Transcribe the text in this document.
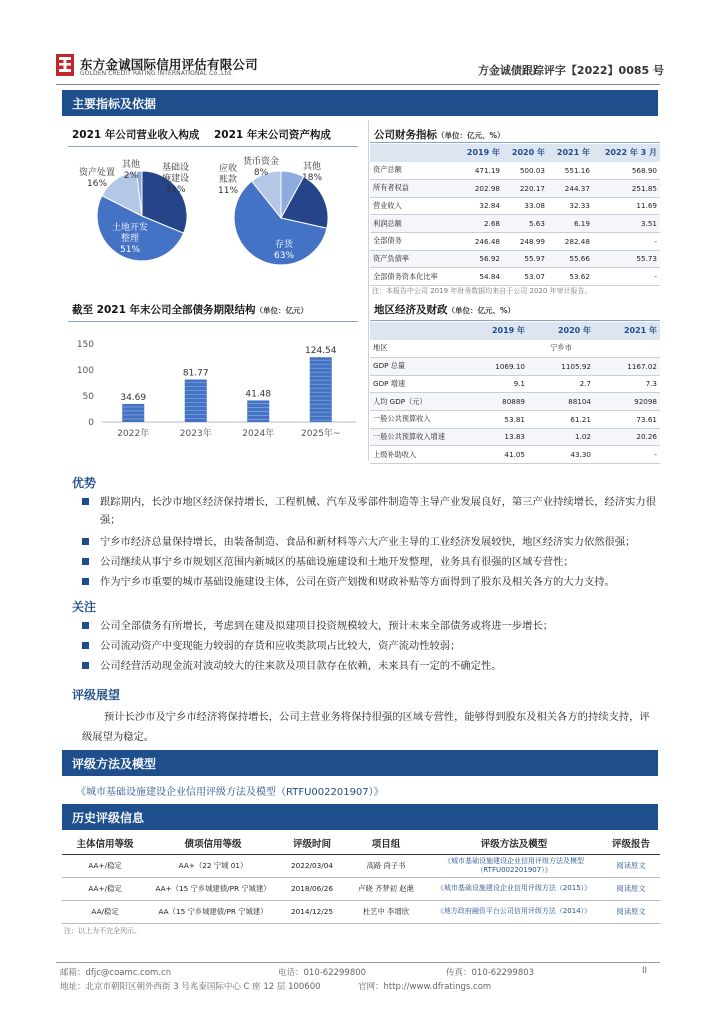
东方金诚国际信用评估有限公司
GOLDEN CREDIT RATING INTERNATIONAL Co.,Ltd.	方金诚债跟踪评字【2022】0085 号
主要指标及依据
2021 年公司营业收入构成 2021 年末公司资产构成
基础设
施建设
31%
其他
2%
资产处置
16%
土地开发
整理
51%
货币资金
8%
其他
18%
应收
账款
11%
存货
63%
公司财务指标（单位：亿元、%）
	2019 年	2020 年	2021 年	2022 年 3 月
资产总额	471.19	500.03	551.16	568.90
所有者权益	202.98	220.17	244.37	251.85
营业收入	32.84	33.08	32.33	11.69
利润总额	2.68	5.63	6.19	3.51
全部债务	246.48	248.99	282.48	-
资产负债率	56.92	55.97	55.66	55.73
全部债务资本化比率	54.84	53.07	53.62	-
注：本报告中公司 2019 年财务数据均来自于公司 2020 年审计报告。
截至 2021 年末公司全部债务期限结构（单位：亿元）
0
50
100
150
34.69
2022年
81.77
2023年
41.48
2024年
124.54
2025年~
地区经济及财政（单位：亿元、%）
	2019 年	2020 年	2021 年
地区	宁乡市		
GDP 总量	1069.10	1105.92	1167.02
GDP 增速	9.1	2.7	7.3
人均 GDP（元）	80889	88104	92098
一般公共预算收入	53.81	61.21	73.61
一般公共预算收入增速	13.83	1.02	20.26
上级补助收入	41.05	43.30	-
优势
跟踪期内，长沙市地区经济保持增长，工程机械、汽车及零部件制造等主导产业发展良好，第三产业持续增长，经济实力很强；
宁乡市经济总量保持增长，由装备制造、食品和新材料等六大产业主导的工业经济发展较快，地区经济实力依然很强；
公司继续从事宁乡市规划区范围内新城区的基础设施建设和土地开发整理，业务具有很强的区域专营性；
作为宁乡市重要的城市基础设施建设主体，公司在资产划拨和财政补贴等方面得到了股东及相关各方的大力支持。
关注
公司全部债务有所增长，考虑到在建及拟建项目投资规模较大，预计未来全部债务或将进一步增长；
公司流动资产中变现能力较弱的存货和应收类款项占比较大，资产流动性较弱；
公司经营活动现金流对波动较大的往来款及项目款存在依赖，未来具有一定的不确定性。
评级展望
预计长沙市及宁乡市经济将保持增长，公司主营业务将保持很强的区域专营性，能够得到股东及相关各方的持续支持，评级展望为稳定。
评级方法及模型
《城市基础设施建设企业信用评级方法及模型（RTFU002201907）》
历史评级信息
主体信用等级	债项信用等级	评级时间	项目组	评级方法及模型	评级报告
AA+/稳定	AA+（22 宁城 01）	2022/03/04	高路 尚子书	《城市基础设施建设企业信用评级方法及模型（RTFU002201907）》	阅读原文
AA+/稳定	AA+（15 宁乡城建债/PR 宁城建）	2018/06/26	卢晓 齐梦初 赵滟	《城市基础设施建设企业信用评级方法（2015）》	阅读原文
AA/稳定	AA（15 宁乡城建债/PR 宁城建）	2014/12/25	杜艺中 李增欣	《地方政府融资平台公司信用评级方法（2014）》	阅读原文
注：以上为不完全列示。
邮箱：dfjc@coamc.com.cn	电话：010-62299800	传真：010-62299803	II
地址：北京市朝阳区朝外西街 3 号兆泰国际中心 C 座 12 层 100600	官网：http://www.dfratings.com
